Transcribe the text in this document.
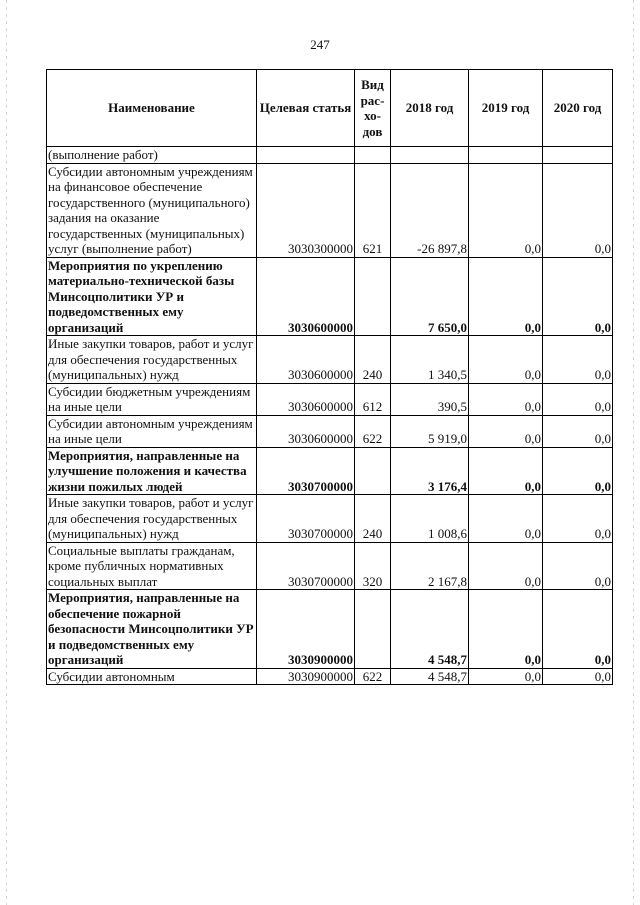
247
Наименование	Целевая статья	Вид рас-хо-дов	2018 год	2019 год	2020 год
(выполнение работ)					
Субсидии автономным учреждениям на финансовое обеспечение государственного (муниципального) задания на оказание государственных (муниципальных) услуг (выполнение работ)	3030300000	621	-26 897,8	0,0	0,0
Мероприятия по укреплению материально-технической базы Минсоцполитики УР и подведомственных ему организаций	3030600000		7 650,0	0,0	0,0
Иные закупки товаров, работ и услуг для обеспечения государственных (муниципальных) нужд	3030600000	240	1 340,5	0,0	0,0
Субсидии бюджетным учреждениям на иные цели	3030600000	612	390,5	0,0	0,0
Субсидии автономным учреждениям на иные цели	3030600000	622	5 919,0	0,0	0,0
Мероприятия, направленные на улучшение положения и качества жизни пожилых людей	3030700000		3 176,4	0,0	0,0
Иные закупки товаров, работ и услуг для обеспечения государственных (муниципальных) нужд	3030700000	240	1 008,6	0,0	0,0
Социальные выплаты гражданам, кроме публичных нормативных социальных выплат	3030700000	320	2 167,8	0,0	0,0
Мероприятия, направленные на обеспечение пожарной безопасности Минсоцполитики УР и подведомственных ему организаций	3030900000		4 548,7	0,0	0,0
Субсидии автономным	3030900000	622	4 548,7	0,0	0,0
